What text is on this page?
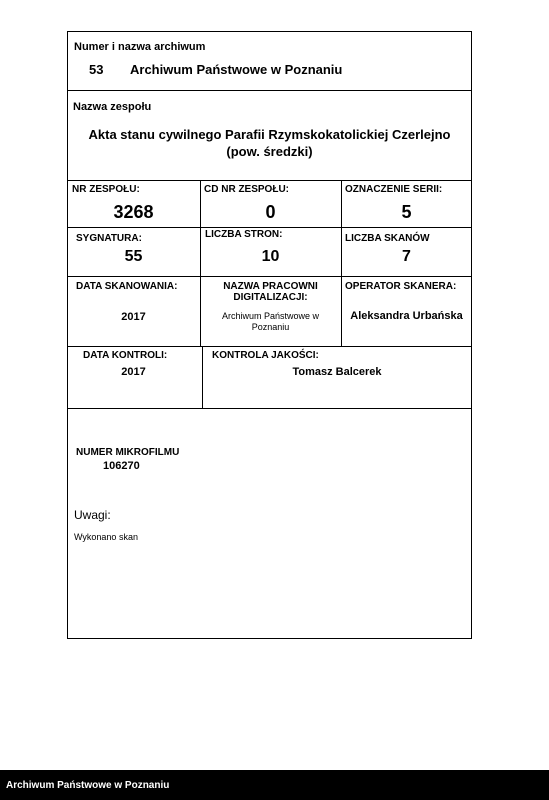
Numer i nazwa archiwum
53 Archiwum Państwowe w Poznaniu
Nazwa zespołu
Akta stanu cywilnego Parafii Rzymskokatolickiej Czerlejno
(pow. średzki)
NR ZESPOŁU:
3268
CD NR ZESPOŁU:
0
OZNACZENIE SERII:
5
SYGNATURA:
55
LICZBA STRON:
10
LICZBA SKANÓW
7
DATA SKANOWANIA:
2017
NAZWA PRACOWNI
DIGITALIZACJI:
Archiwum Państwowe w
Poznaniu
OPERATOR SKANERA:
Aleksandra Urbańska
DATA KONTROLI:
2017
KONTROLA JAKOŚCI:
Tomasz Balcerek
NUMER MIKROFILMU
106270
Uwagi:
Wykonano skan
Archiwum Państwowe w Poznaniu
